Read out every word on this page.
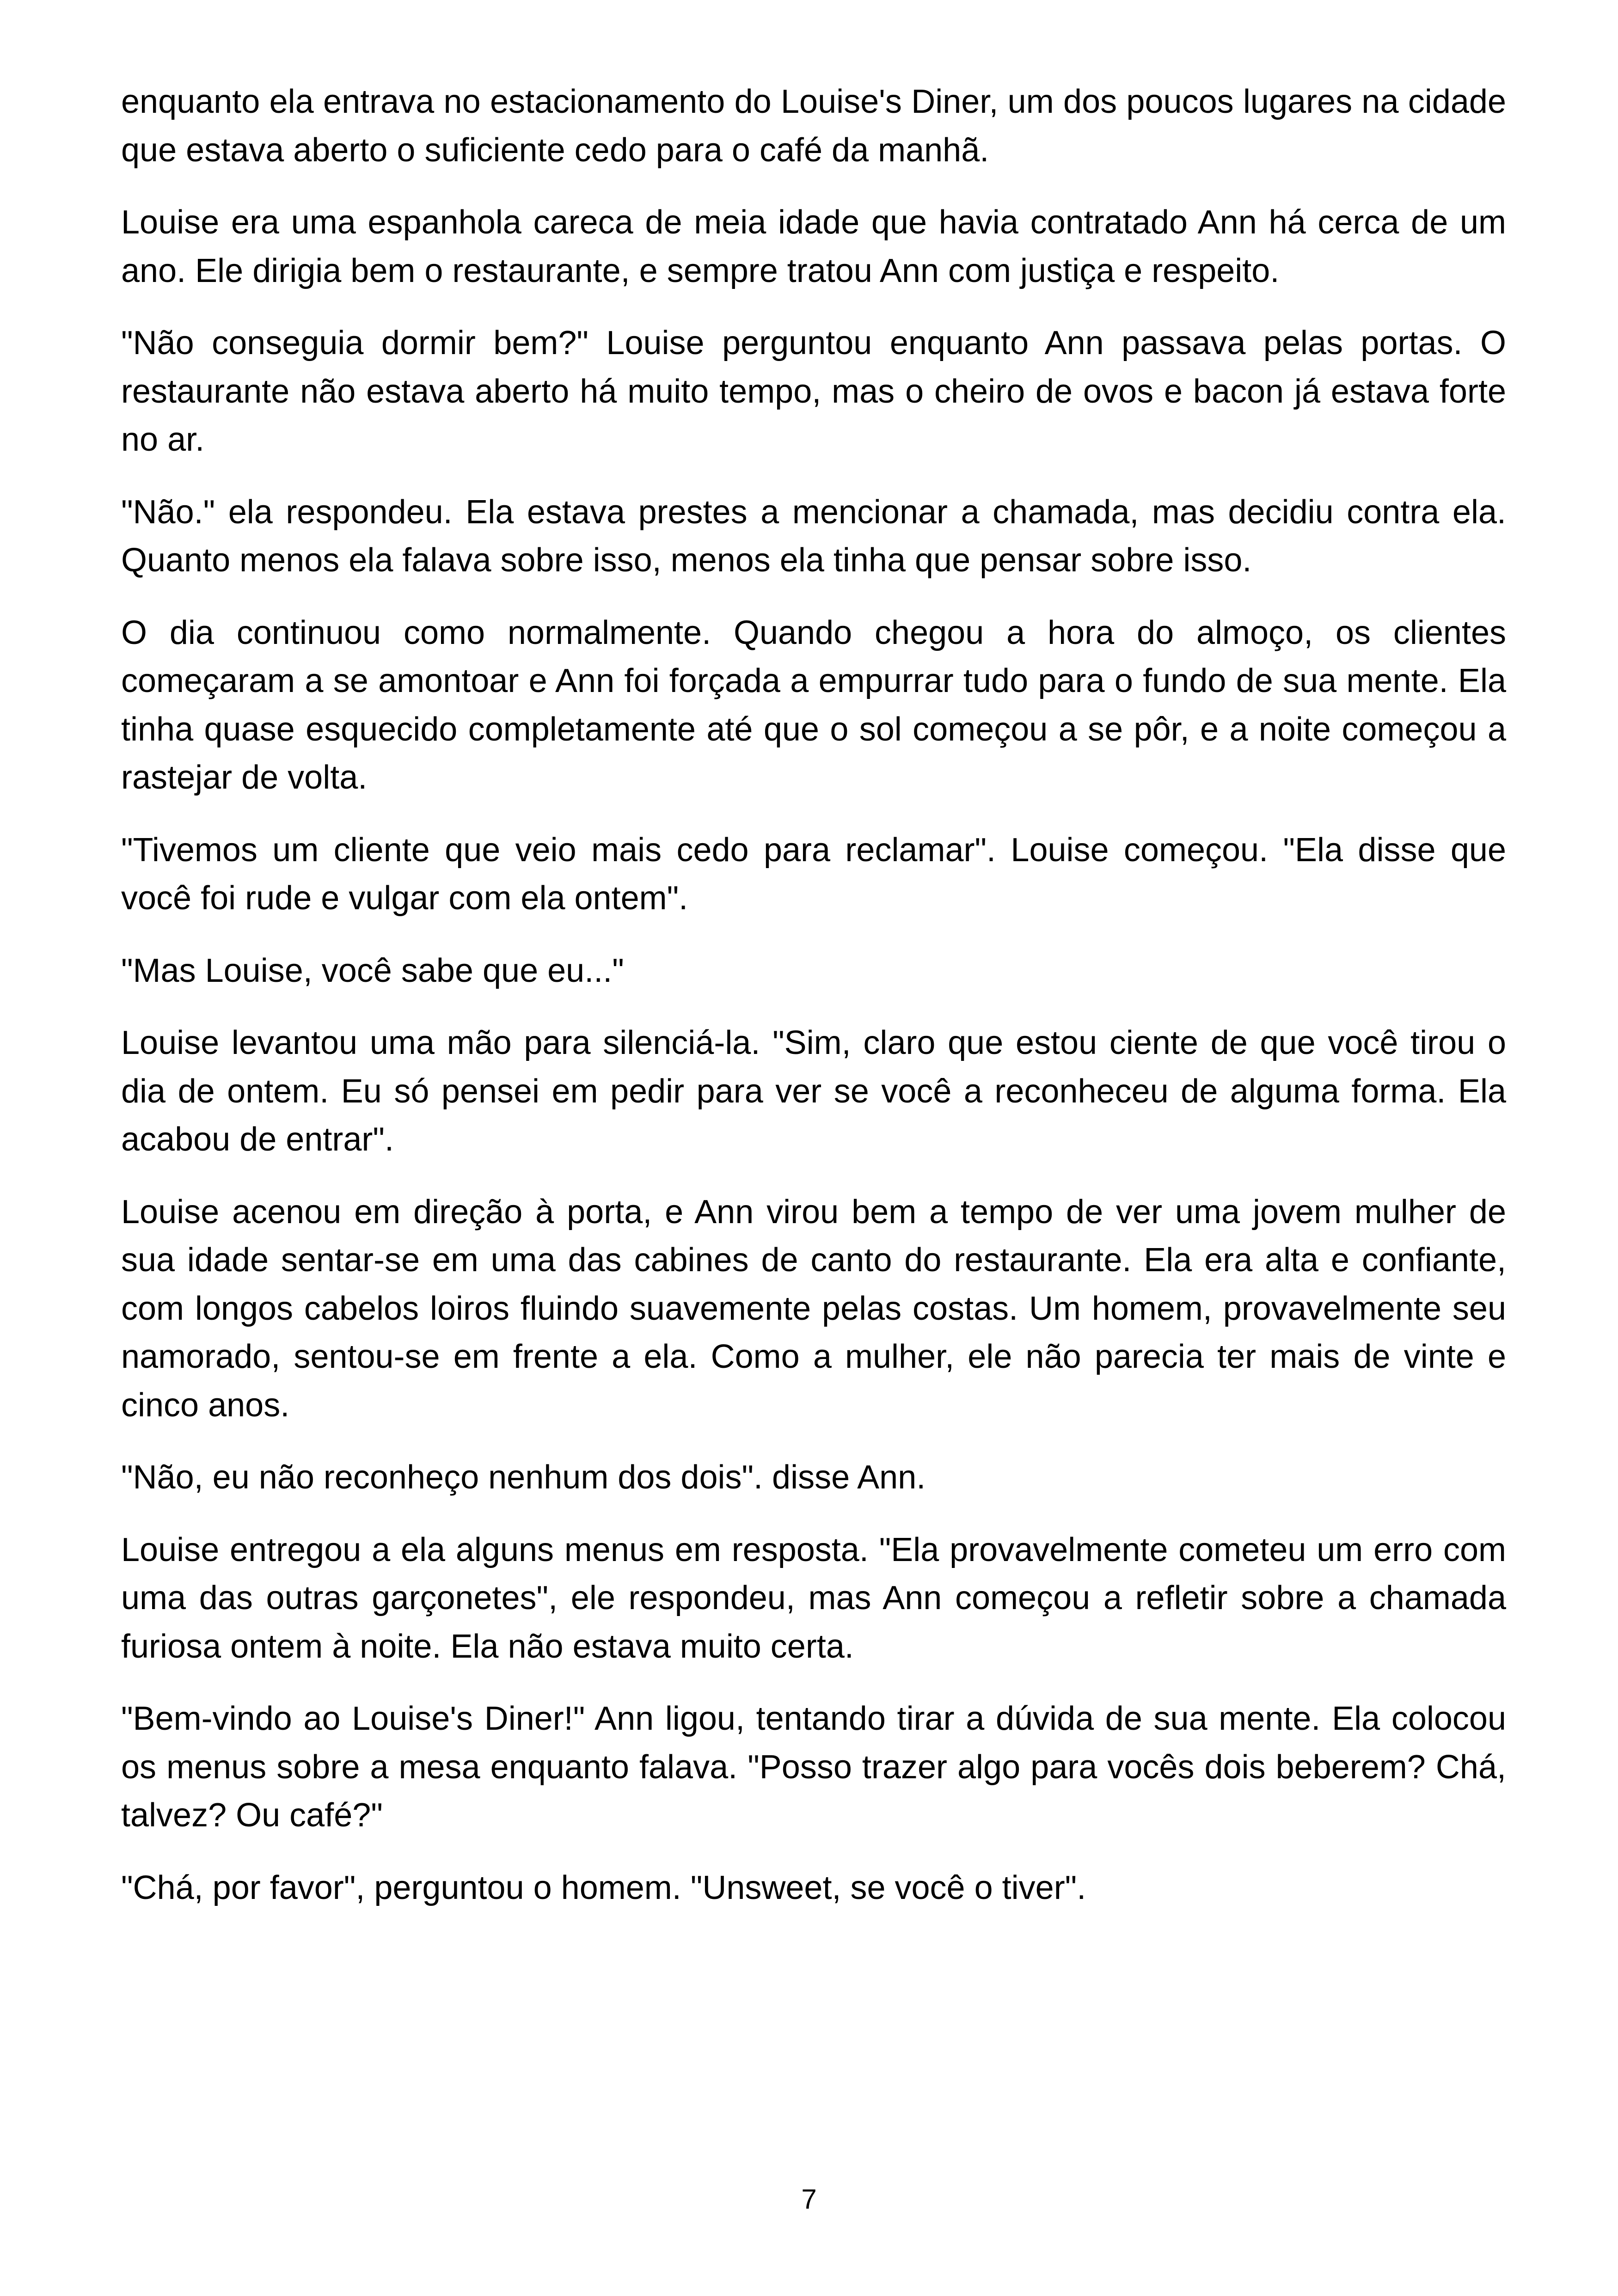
enquanto ela entrava no estacionamento do Louise's Diner, um dos poucos lugares na cidade que estava aberto o suficiente cedo para o café da manhã.

Louise era uma espanhola careca de meia idade que havia contratado Ann há cerca de um ano. Ele dirigia bem o restaurante, e sempre tratou Ann com justiça e respeito.

"Não conseguia dormir bem?" Louise perguntou enquanto Ann passava pelas portas. O restaurante não estava aberto há muito tempo, mas o cheiro de ovos e bacon já estava forte no ar.

"Não." ela respondeu. Ela estava prestes a mencionar a chamada, mas decidiu contra ela. Quanto menos ela falava sobre isso, menos ela tinha que pensar sobre isso.

O dia continuou como normalmente. Quando chegou a hora do almoço, os clientes começaram a se amontoar e Ann foi forçada a empurrar tudo para o fundo de sua mente. Ela tinha quase esquecido completamente até que o sol começou a se pôr, e a noite começou a rastejar de volta.

"Tivemos um cliente que veio mais cedo para reclamar". Louise começou. "Ela disse que você foi rude e vulgar com ela ontem".

"Mas Louise, você sabe que eu..."

Louise levantou uma mão para silenciá-la. "Sim, claro que estou ciente de que você tirou o dia de ontem. Eu só pensei em pedir para ver se você a reconheceu de alguma forma. Ela acabou de entrar".

Louise acenou em direção à porta, e Ann virou bem a tempo de ver uma jovem mulher de sua idade sentar-se em uma das cabines de canto do restaurante. Ela era alta e confiante, com longos cabelos loiros fluindo suavemente pelas costas. Um homem, provavelmente seu namorado, sentou-se em frente a ela. Como a mulher, ele não parecia ter mais de vinte e cinco anos.

"Não, eu não reconheço nenhum dos dois". disse Ann.

Louise entregou a ela alguns menus em resposta. "Ela provavelmente cometeu um erro com uma das outras garçonetes", ele respondeu, mas Ann começou a refletir sobre a chamada furiosa ontem à noite. Ela não estava muito certa.

"Bem-vindo ao Louise's Diner!" Ann ligou, tentando tirar a dúvida de sua mente. Ela colocou os menus sobre a mesa enquanto falava. "Posso trazer algo para vocês dois beberem? Chá, talvez? Ou café?"

"Chá, por favor", perguntou o homem. "Unsweet, se você o tiver".

7
